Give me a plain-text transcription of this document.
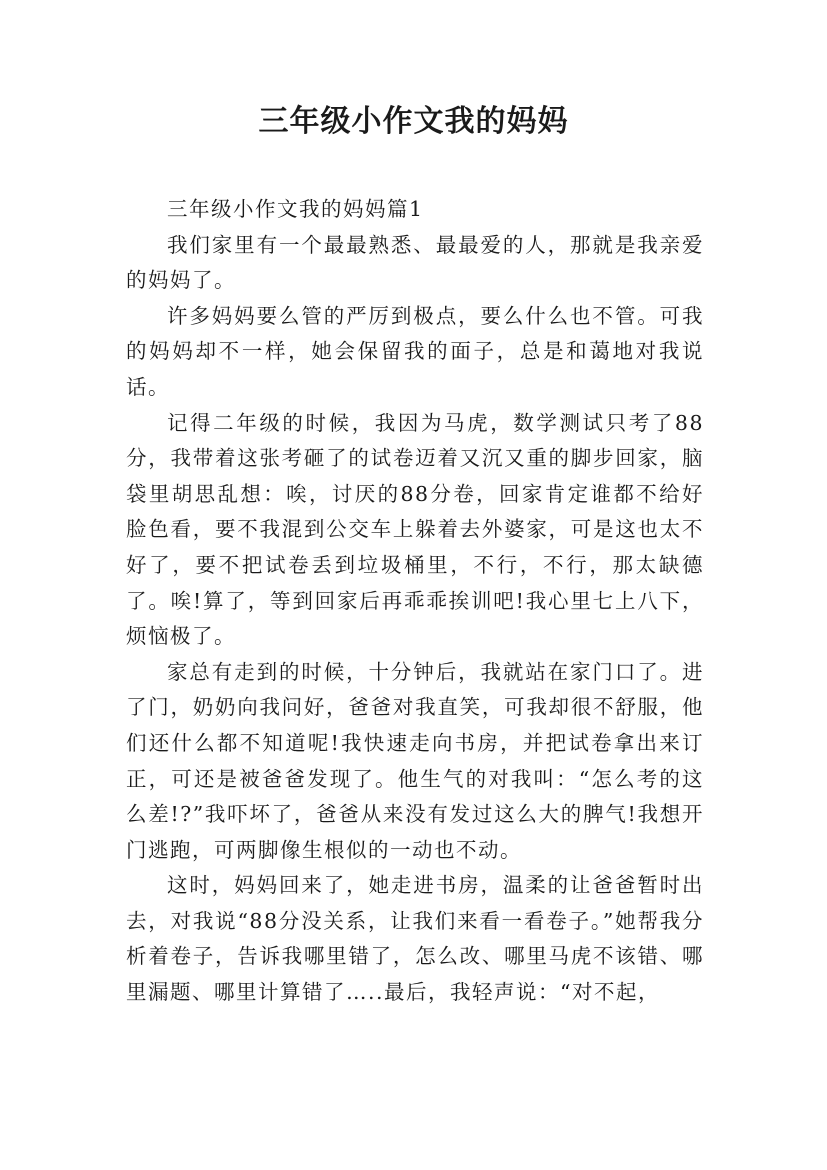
三年级小作文我的妈妈

三年级小作文我的妈妈篇1

我们家里有一个最最熟悉、最最爱的人，那就是我亲爱的妈妈了。

许多妈妈要么管的严厉到极点，要么什么也不管。可我的妈妈却不一样，她会保留我的面子，总是和蔼地对我说话。

记得二年级的时候，我因为马虎，数学测试只考了88分，我带着这张考砸了的试卷迈着又沉又重的脚步回家，脑袋里胡思乱想：唉，讨厌的88分卷，回家肯定谁都不给好脸色看，要不我混到公交车上躲着去外婆家，可是这也太不好了，要不把试卷丢到垃圾桶里，不行，不行，那太缺德了。唉!算了，等到回家后再乖乖挨训吧!我心里七上八下，烦恼极了。

家总有走到的时候，十分钟后，我就站在家门口了。进了门，奶奶向我问好，爸爸对我直笑，可我却很不舒服，他们还什么都不知道呢!我快速走向书房，并把试卷拿出来订正，可还是被爸爸发现了。他生气的对我叫：“怎么考的这么差!?”我吓坏了，爸爸从来没有发过这么大的脾气!我想开门逃跑，可两脚像生根似的一动也不动。

这时，妈妈回来了，她走进书房，温柔的让爸爸暂时出去，对我说“88分没关系，让我们来看一看卷子。”她帮我分析着卷子，告诉我哪里错了，怎么改、哪里马虎不该错、哪里漏题、哪里计算错了…..最后，我轻声说：“对不起，
